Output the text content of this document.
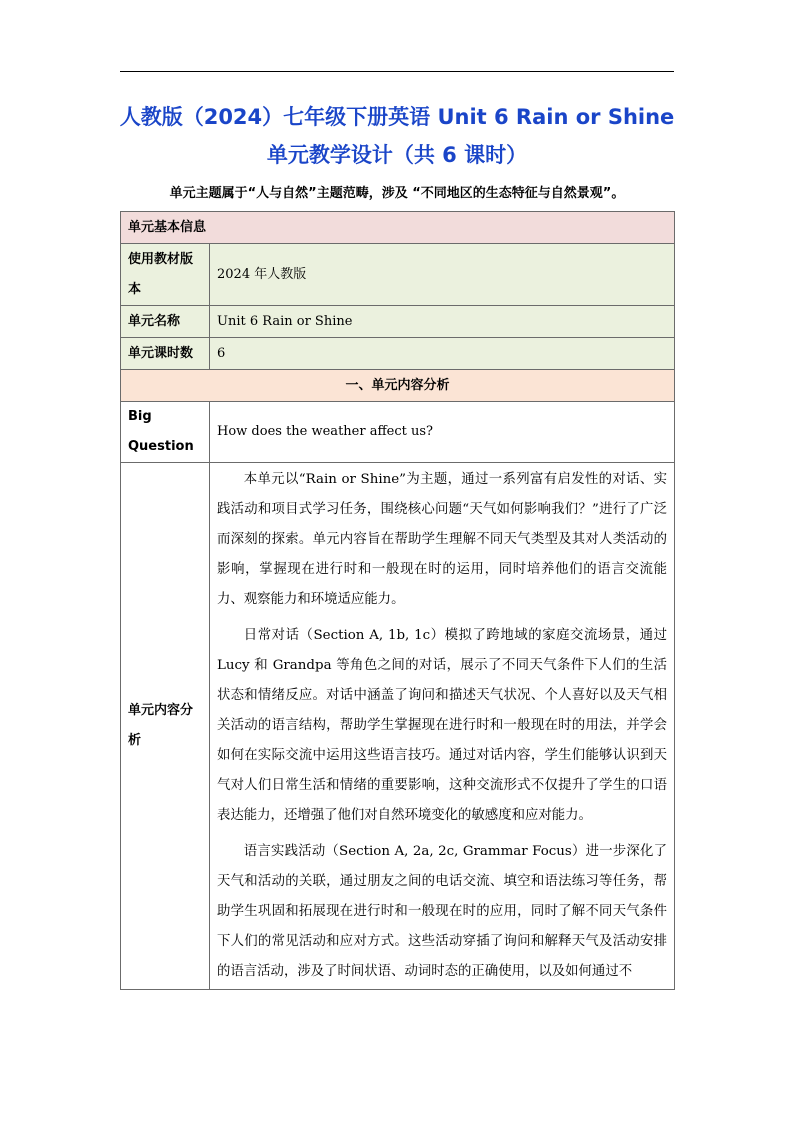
人教版（2024）七年级下册英语 Unit 6 Rain or Shine 单元教学设计（共 6 课时）
单元主题属于“人与自然”主题范畴，涉及 “不同地区的生态特征与自然景观”。
单元基本信息	

使用教材版本	2024 年人教版
单元名称	Unit 6 Rain or Shine
单元课时数	6
一、单元内容分析	

Big Question	How does the weather affect us?

单元内容分析	本单元以“Rain or Shine”为主题，通过一系列富有启发性的对话、实践活动和项目式学习任务，围绕核心问题“天气如何影响我们？”进行了广泛而深刻的探索。单元内容旨在帮助学生理解不同天气类型及其对人类活动的影响，掌握现在进行时和一般现在时的运用，同时培养他们的语言交流能力、观察能力和环境适应能力。

日常对话（Section A, 1b, 1c）模拟了跨地域的家庭交流场景，通过 Lucy 和 Grandpa 等角色之间的对话，展示了不同天气条件下人们的生活状态和情绪反应。对话中涵盖了询问和描述天气状况、个人喜好以及天气相关活动的语言结构，帮助学生掌握现在进行时和一般现在时的用法，并学会如何在实际交流中运用这些语言技巧。通过对话内容，学生们能够认识到天气对人们日常生活和情绪的重要影响，这种交流形式不仅提升了学生的口语表达能力，还增强了他们对自然环境变化的敏感度和应对能力。

语言实践活动（Section A, 2a, 2c, Grammar Focus）进一步深化了天气和活动的关联，通过朋友之间的电话交流、填空和语法练习等任务，帮助学生巩固和拓展现在进行时和一般现在时的应用，同时了解不同天气条件下人们的常见活动和应对方式。这些活动穿插了询问和解释天气及活动安排的语言活动，涉及了时间状语、动词时态的正确使用，以及如何通过不
